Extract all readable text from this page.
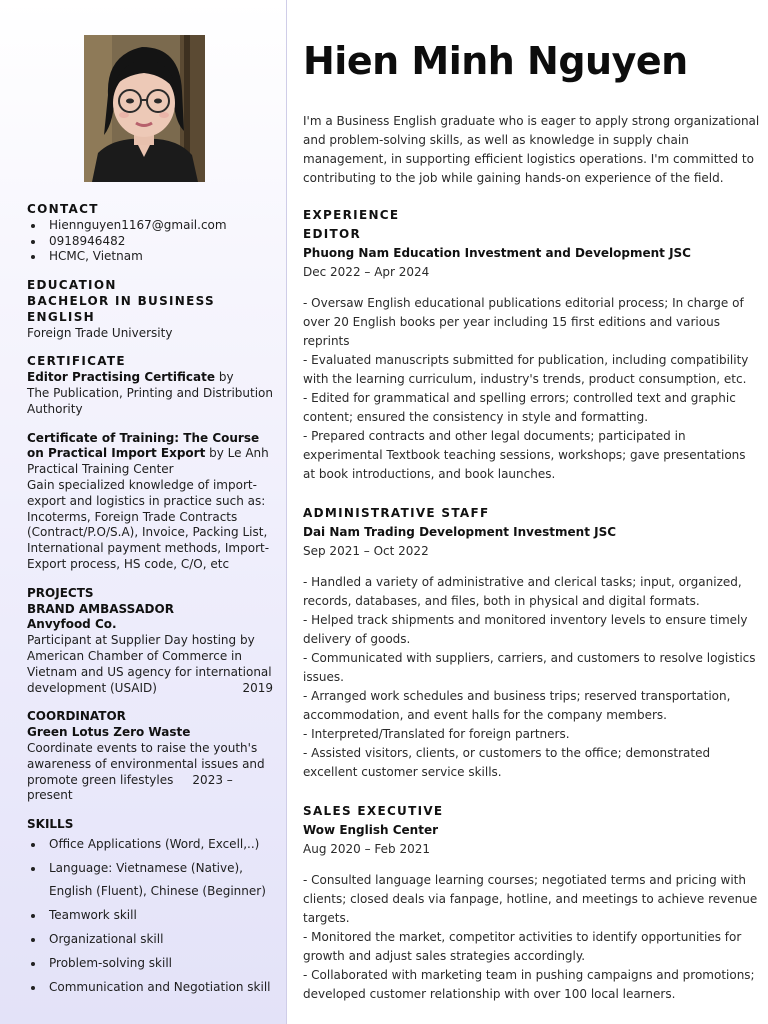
CONTACT
Hiennguyen1167@gmail.com
0918946482
HCMC, Vietnam
EDUCATION
BACHELOR IN BUSINESS ENGLISH
Foreign Trade University
CERTIFICATE
Editor Practising Certificate by
The Publication, Printing and Distribution Authority
Certificate of Training: The Course on Practical Import Export by Le Anh Practical Training Center
Gain specialized knowledge of import-export and logistics in practice such as: Incoterms, Foreign Trade Contracts (Contract/P.O/S.A), Invoice, Packing List, International payment methods, Import-Export process, HS code, C/O, etc
PROJECTS
BRAND AMBASSADOR
Anvyfood Co.
Participant at Supplier Day hosting by American Chamber of Commerce in Vietnam and US agency for international development (USAID)	2019
COORDINATOR
Green Lotus Zero Waste
Coordinate events to raise the youth's awareness of environmental issues and promote green lifestyles 2023 – present
SKILLS
Office Applications (Word, Excell,..)
Language: Vietnamese (Native),
English (Fluent), Chinese (Beginner)
Teamwork skill
Organizational skill
Problem-solving skill
Communication and Negotiation skill
Hien Minh Nguyen
I'm a Business English graduate who is eager to apply strong organizational and problem-solving skills, as well as knowledge in supply chain management, in supporting efficient logistics operations. I'm committed to contributing to the job while gaining hands-on experience of the field.
EXPERIENCE
EDITOR
Phuong Nam Education Investment and Development JSC
Dec 2022 – Apr 2024
- Oversaw English educational publications editorial process; In charge of over 20 English books per year including 15 first editions and various reprints
- Evaluated manuscripts submitted for publication, including compatibility with the learning curriculum, industry's trends, product consumption, etc.
- Edited for grammatical and spelling errors; controlled text and graphic content; ensured the consistency in style and formatting.
- Prepared contracts and other legal documents; participated in experimental Textbook teaching sessions, workshops; gave presentations at book introductions, and book launches.
ADMINISTRATIVE STAFF
Dai Nam Trading Development Investment JSC
Sep 2021 – Oct 2022
- Handled a variety of administrative and clerical tasks; input, organized, records, databases, and files, both in physical and digital formats.
- Helped track shipments and monitored inventory levels to ensure timely delivery of goods.
- Communicated with suppliers, carriers, and customers to resolve logistics issues.
- Arranged work schedules and business trips; reserved transportation, accommodation, and event halls for the company members.
- Interpreted/Translated for foreign partners.
- Assisted visitors, clients, or customers to the office; demonstrated excellent customer service skills.
SALES EXECUTIVE
Wow English Center
Aug 2020 – Feb 2021
- Consulted language learning courses; negotiated terms and pricing with clients; closed deals via fanpage, hotline, and meetings to achieve revenue targets.
- Monitored the market, competitor activities to identify opportunities for growth and adjust sales strategies accordingly.
- Collaborated with marketing team in pushing campaigns and promotions; developed customer relationship with over 100 local learners.
